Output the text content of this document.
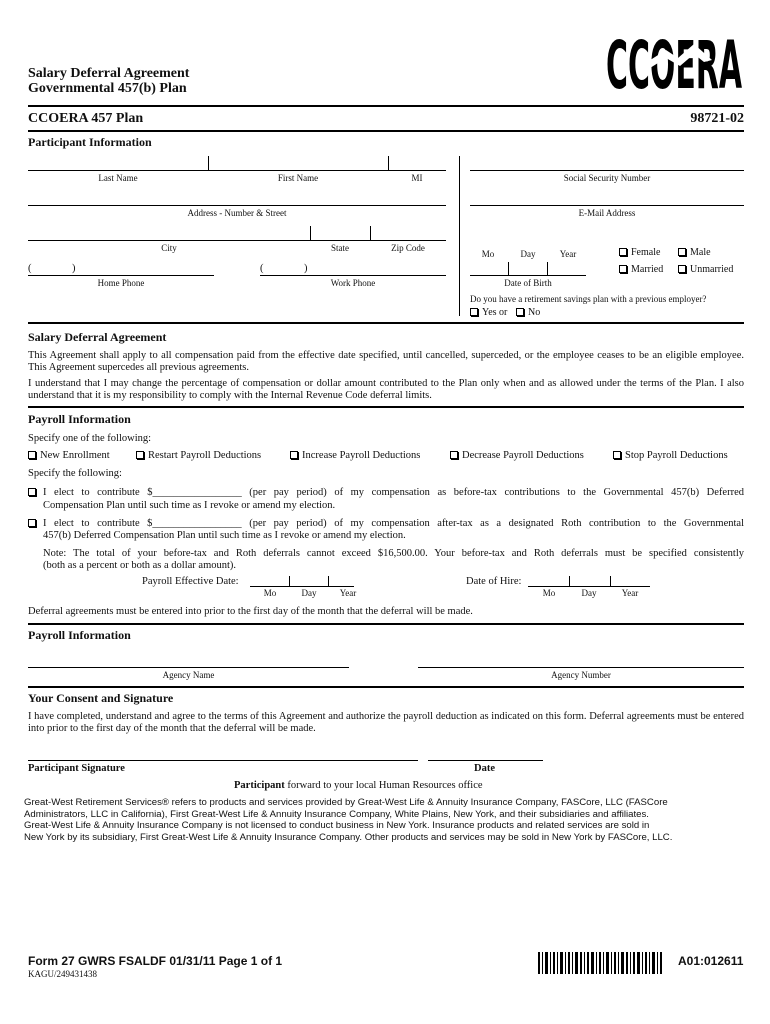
CCOERA
Salary Deferral Agreement
Governmental 457(b) Plan
CCOERA 457 Plan	98721-02
Participant Information
Last Name	First Name	MI	Social Security Number
Address - Number & Street	E-Mail Address
City	State	Zip Code
Mo	Day	Year
Date of Birth
Female	Male
Married	Unmarried
(	)
Home Phone
(	)
Work Phone
Do you have a retirement savings plan with a previous employer?
Yes or	No
Salary Deferral Agreement
This Agreement shall apply to all compensation paid from the effective date specified, until cancelled, superceded, or the employee ceases to be an eligible employee. This Agreement supercedes all previous agreements.
I understand that I may change the percentage of compensation or dollar amount contributed to the Plan only when and as allowed under the terms of the Plan. I also understand that it is my responsibility to comply with the Internal Revenue Code deferral limits.
Payroll Information
Specify one of the following:
New Enrollment	Restart Payroll Deductions	Increase Payroll Deductions	Decrease Payroll Deductions	Stop Payroll Deductions
Specify the following:
I elect to contribute $_________________ (per pay period) of my compensation as before-tax contributions to the Governmental 457(b) Deferred
Compensation Plan until such time as I revoke or amend my election.
I elect to contribute $_________________ (per pay period) of my compensation after-tax as a designated Roth contribution to the Governmental
457(b) Deferred Compensation Plan until such time as I revoke or amend my election.
Note: The total of your before-tax and Roth deferrals cannot exceed $16,500.00. Your before-tax and Roth deferrals must be specified consistently
(both as a percent or both as a dollar amount).
Payroll Effective Date:
Mo	Day	Year
Date of Hire:
Mo	Day	Year
Deferral agreements must be entered into prior to the first day of the month that the deferral will be made.
Payroll Information
Agency Name	Agency Number
Your Consent and Signature
I have completed, understand and agree to the terms of this Agreement and authorize the payroll deduction as indicated on this form. Deferral agreements must be entered into prior to the first day of the month that the deferral will be made.
Participant Signature	Date
Participant forward to your local Human Resources office
Great-West Retirement Services® refers to products and services provided by Great-West Life & Annuity Insurance Company, FASCore, LLC (FASCore
Administrators, LLC in California), First Great-West Life & Annuity Insurance Company, White Plains, New York, and their subsidiaries and affiliates.
Great-West Life & Annuity Insurance Company is not licensed to conduct business in New York. Insurance products and related services are sold in
New York by its subsidiary, First Great-West Life & Annuity Insurance Company. Other products and services may be sold in New York by FASCore, LLC.
Form 27 GWRS FSALDF 01/31/11 Page 1 of 1
KAGU/249431438
A01:012611
